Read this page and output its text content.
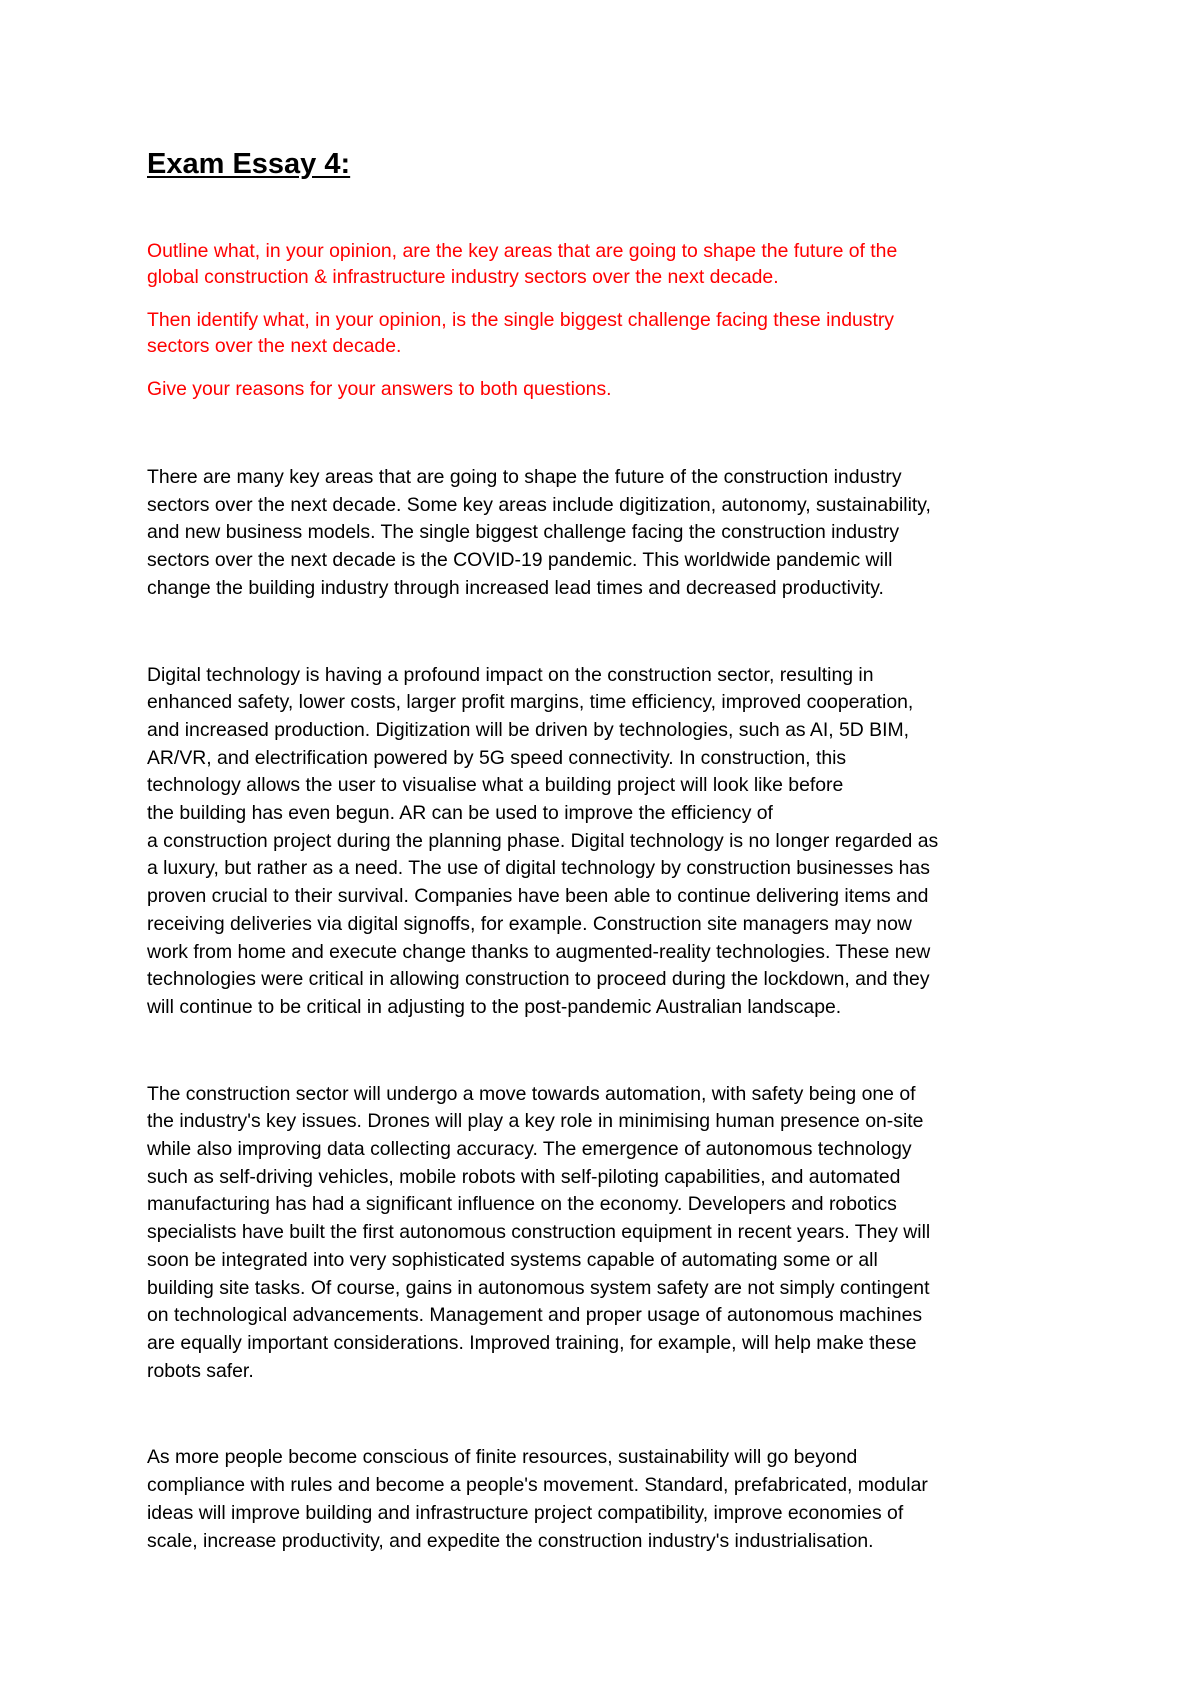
Exam Essay 4:

Outline what, in your opinion, are the key areas that are going to shape the future of the
global construction & infrastructure industry sectors over the next decade.

Then identify what, in your opinion, is the single biggest challenge facing these industry
sectors over the next decade.

Give your reasons for your answers to both questions.

There are many key areas that are going to shape the future of the construction industry
sectors over the next decade. Some key areas include digitization, autonomy, sustainability,
and new business models. The single biggest challenge facing the construction industry
sectors over the next decade is the COVID-19 pandemic. This worldwide pandemic will
change the building industry through increased lead times and decreased productivity.

Digital technology is having a profound impact on the construction sector, resulting in
enhanced safety, lower costs, larger profit margins, time efficiency, improved cooperation,
and increased production. Digitization will be driven by technologies, such as AI, 5D BIM,
AR/VR, and electrification powered by 5G speed connectivity. In construction, this
technology allows the user to visualise what a building project will look like before
the building has even begun. AR can be used to improve the efficiency of
a construction project during the planning phase. Digital technology is no longer regarded as
a luxury, but rather as a need. The use of digital technology by construction businesses has
proven crucial to their survival. Companies have been able to continue delivering items and
receiving deliveries via digital signoffs, for example. Construction site managers may now
work from home and execute change thanks to augmented-reality technologies. These new
technologies were critical in allowing construction to proceed during the lockdown, and they
will continue to be critical in adjusting to the post-pandemic Australian landscape.

The construction sector will undergo a move towards automation, with safety being one of
the industry's key issues. Drones will play a key role in minimising human presence on-site
while also improving data collecting accuracy. The emergence of autonomous technology
such as self-driving vehicles, mobile robots with self-piloting capabilities, and automated
manufacturing has had a significant influence on the economy. Developers and robotics
specialists have built the first autonomous construction equipment in recent years. They will
soon be integrated into very sophisticated systems capable of automating some or all
building site tasks. Of course, gains in autonomous system safety are not simply contingent
on technological advancements. Management and proper usage of autonomous machines
are equally important considerations. Improved training, for example, will help make these
robots safer.

As more people become conscious of finite resources, sustainability will go beyond
compliance with rules and become a people's movement. Standard, prefabricated, modular
ideas will improve building and infrastructure project compatibility, improve economies of
scale, increase productivity, and expedite the construction industry's industrialisation.
